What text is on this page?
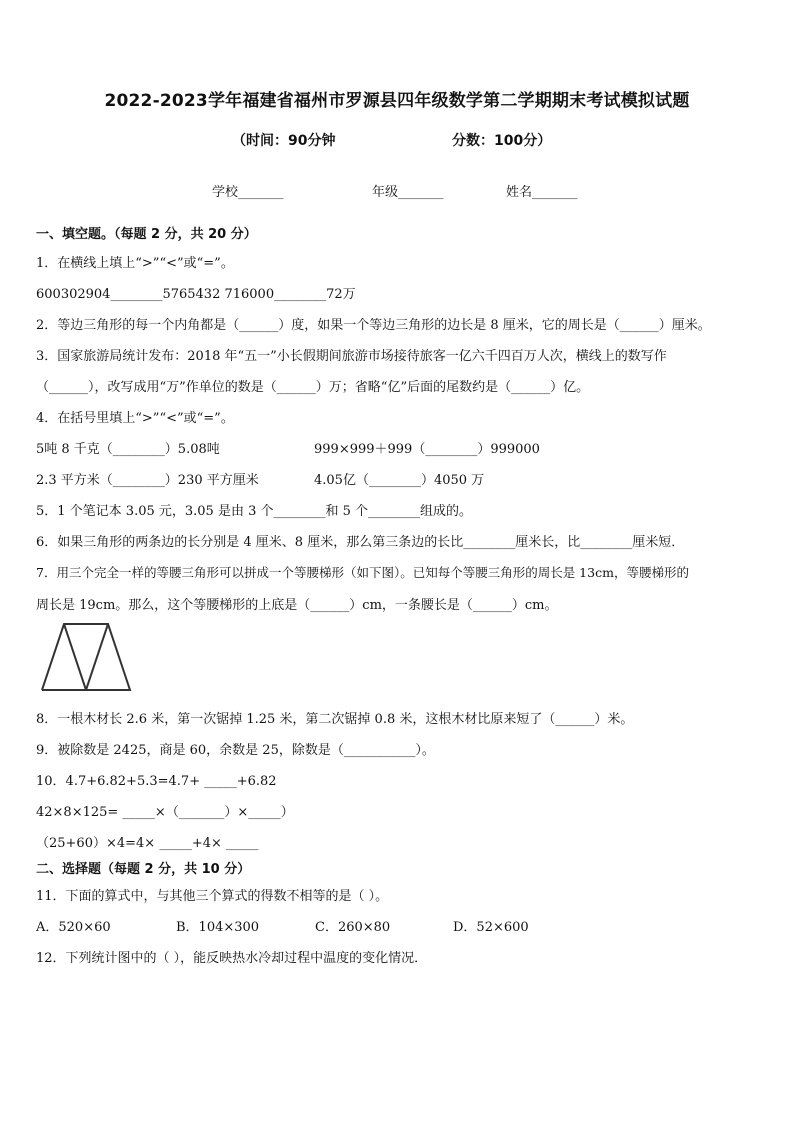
2022-2023学年福建省福州市罗源县四年级数学第二学期期末考试模拟试题
（时间：90分钟	分数：100分）
学校_______	年级_______	姓名_______
一、填空题。（每题 2 分，共 20 分）
1．在横线上填上“>”“<”或“=”。
600302904________5765432 716000________72万
2．等边三角形的每一个内角都是（______）度，如果一个等边三角形的边长是 8 厘米，它的周长是（______）厘米。
3．国家旅游局统计发布：2018 年“五一”小长假期间旅游市场接待旅客一亿六千四百万人次，横线上的数写作
（______），改写成用“万”作单位的数是（______）万；省略“亿”后面的尾数约是（______）亿。
4．在括号里填上“>”“<”或“=”。
5吨 8 千克（________）5.08吨	999×999＋999（________）999000
2.3 平方米（________）230 平方厘米	4.05亿（________）4050 万
5．1 个笔记本 3.05 元，3.05 是由 3 个________和 5 个________组成的。
6．如果三角形的两条边的长分别是 4 厘米、8 厘米，那么第三条边的长比________厘米长，比________厘米短．
7．用三个完全一样的等腰三角形可以拼成一个等腰梯形（如下图）。已知每个等腰三角形的周长是 13cm，等腰梯形的
周长是 19cm。那么，这个等腰梯形的上底是（______）cm，一条腰长是（______）cm。
8．一根木材长 2.6 米，第一次锯掉 1.25 米，第二次锯掉 0.8 米，这根木材比原来短了（______）米。
9．被除数是 2425，商是 60，余数是 25，除数是（___________）。
10．4.7+6.82+5.3=4.7+ _____+6.82
42×8×125= _____×（_______）×_____）
（25+60）×4=4× _____+4× _____
二、选择题（每题 2 分，共 10 分）
11．下面的算式中，与其他三个算式的得数不相等的是（ ）。
A．520×60	B．104×300	C．260×80	D．52×600
12．下列统计图中的（ ），能反映热水冷却过程中温度的变化情况．
